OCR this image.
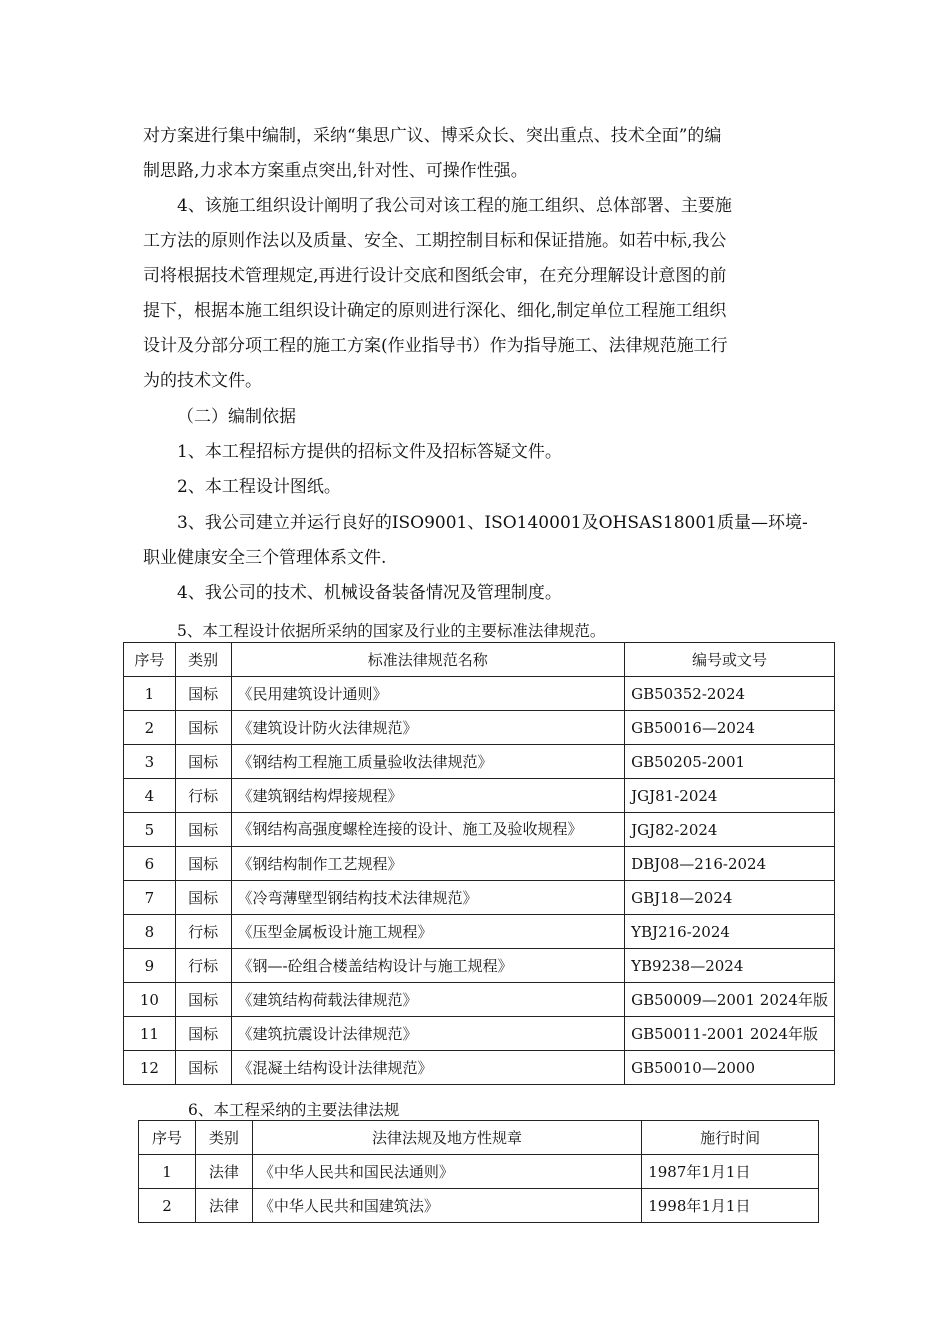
对方案进行集中编制，采纳“集思广议、博采众长、突出重点、技术全面”的编
制思路,力求本方案重点突出,针对性、可操作性强。
4、该施工组织设计阐明了我公司对该工程的施工组织、总体部署、主要施
工方法的原则作法以及质量、安全、工期控制目标和保证措施。如若中标,我公
司将根据技术管理规定,再进行设计交底和图纸会审，在充分理解设计意图的前
提下，根据本施工组织设计确定的原则进行深化、细化,制定单位工程施工组织
设计及分部分项工程的施工方案(作业指导书）作为指导施工、法律规范施工行
为的技术文件。
（二）编制依据
1、本工程招标方提供的招标文件及招标答疑文件。
2、本工程设计图纸。
3、我公司建立并运行良好的ISO9001、ISO140001及OHSAS18001质量—环境-
职业健康安全三个管理体系文件.
4、我公司的技术、机械设备装备情况及管理制度。

5、本工程设计依据所采纳的国家及行业的主要标准法律规范。

序号	类别	标准法律规范名称	编号或文号
1	国标	《民用建筑设计通则》	GB50352-2024
2	国标	《建筑设计防火法律规范》	GB50016—2024
3	国标	《钢结构工程施工质量验收法律规范》	GB50205-2001
4	行标	《建筑钢结构焊接规程》	JGJ81-2024
5	国标	《钢结构高强度螺栓连接的设计、施工及验收规程》	JGJ82-2024
6	国标	《钢结构制作工艺规程》	DBJ08—216-2024
7	国标	《冷弯薄壁型钢结构技术法律规范》	GBJ18—2024
8	行标	《压型金属板设计施工规程》	YBJ216-2024
9	行标	《钢—-砼组合楼盖结构设计与施工规程》	YB9238—2024
10	国标	《建筑结构荷载法律规范》	GB50009—2001 2024年版
11	国标	《建筑抗震设计法律规范》	GB50011-2001 2024年版
12	国标	《混凝土结构设计法律规范》	GB50010—2000

6、本工程采纳的主要法律法规

序号	类别	法律法规及地方性规章	施行时间
1	法律	《中华人民共和国民法通则》	1987年1月1日
2	法律	《中华人民共和国建筑法》	1998年1月1日
